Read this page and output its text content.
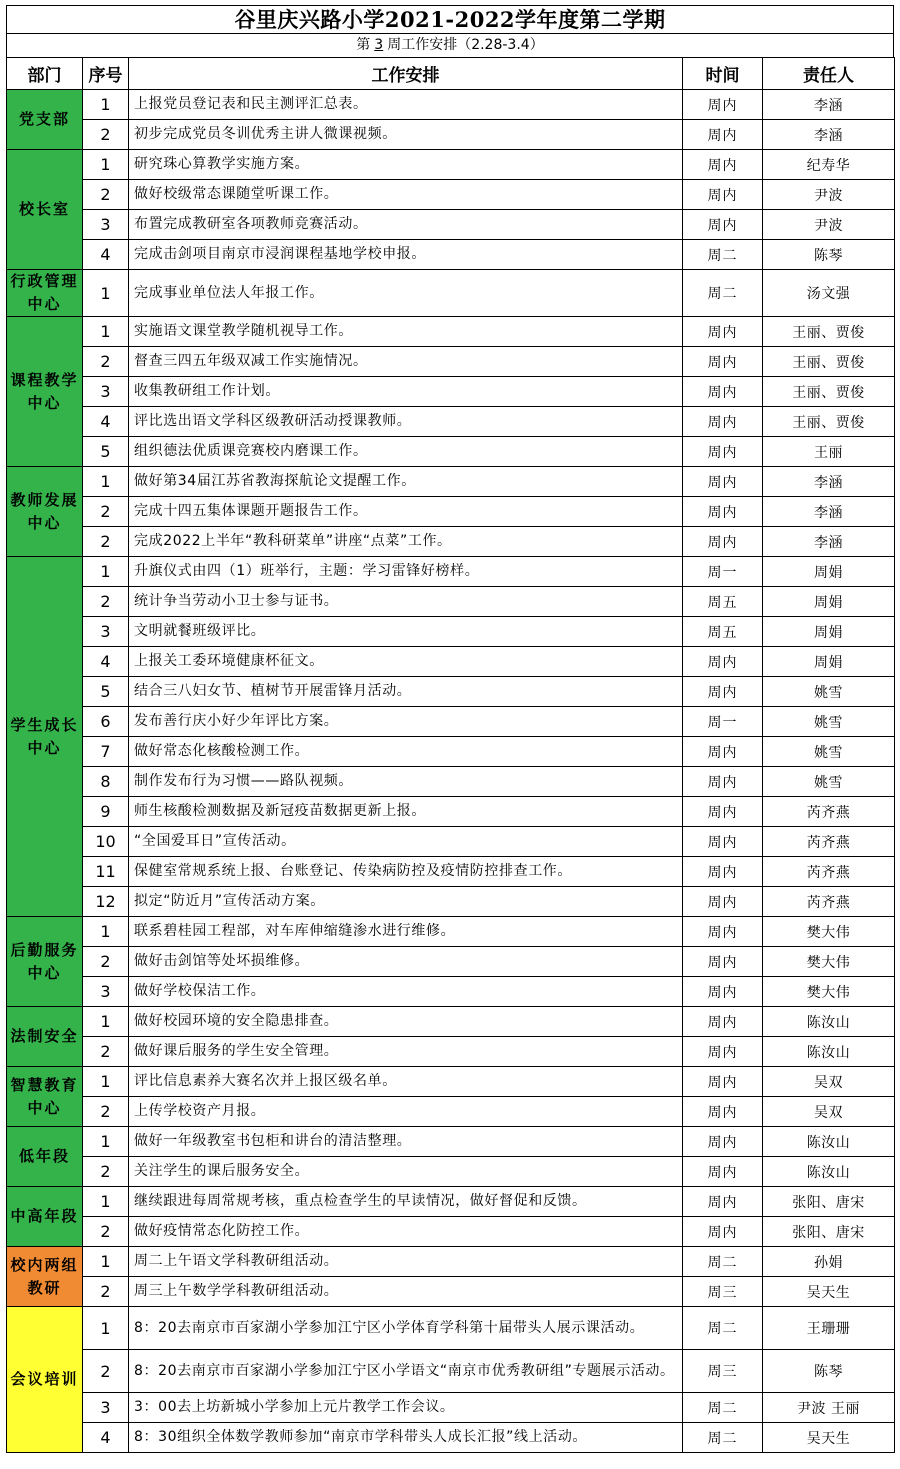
谷里庆兴路小学2021-2022学年度第二学期
第 3 周工作安排（2.28-3.4）
部门	序号	工作安排	时间	责任人
党支部	1	上报党员登记表和民主测评汇总表。	周内	李涵
	2	初步完成党员冬训优秀主讲人微课视频。	周内	李涵
校长室	1	研究珠心算教学实施方案。	周内	纪寿华
	2	做好校级常态课随堂听课工作。	周内	尹波
	3	布置完成教研室各项教师竞赛活动。	周内	尹波
	4	完成击剑项目南京市浸润课程基地学校申报。	周二	陈琴
行政管理中心	1	完成事业单位法人年报工作。	周二	汤文强
课程教学中心	1	实施语文课堂教学随机视导工作。	周内	王丽、贾俊
	2	督查三四五年级双减工作实施情况。	周内	王丽、贾俊
	3	收集教研组工作计划。	周内	王丽、贾俊
	4	评比选出语文学科区级教研活动授课教师。	周内	王丽、贾俊
	5	组织德法优质课竞赛校内磨课工作。	周内	王丽
教师发展中心	1	做好第34届江苏省教海探航论文提醒工作。	周内	李涵
	2	完成十四五集体课题开题报告工作。	周内	李涵
	2	完成2022上半年“教科研菜单”讲座“点菜”工作。	周内	李涵
学生成长中心	1	升旗仪式由四（1）班举行，主题：学习雷锋好榜样。	周一	周娟
	2	统计争当劳动小卫士参与证书。	周五	周娟
	3	文明就餐班级评比。	周五	周娟
	4	上报关工委环境健康杯征文。	周内	周娟
	5	结合三八妇女节、植树节开展雷锋月活动。	周内	姚雪
	6	发布善行庆小好少年评比方案。	周一	姚雪
	7	做好常态化核酸检测工作。	周内	姚雪
	8	制作发布行为习惯——路队视频。	周内	姚雪
	9	师生核酸检测数据及新冠疫苗数据更新上报。	周内	芮齐燕
	10	“全国爱耳日”宣传活动。	周内	芮齐燕
	11	保健室常规系统上报、台账登记、传染病防控及疫情防控排查工作。	周内	芮齐燕
	12	拟定“防近月”宣传活动方案。	周内	芮齐燕
后勤服务中心	1	联系碧桂园工程部，对车库伸缩缝渗水进行维修。	周内	樊大伟
	2	做好击剑馆等处坏损维修。	周内	樊大伟
	3	做好学校保洁工作。	周内	樊大伟
法制安全	1	做好校园环境的安全隐患排查。	周内	陈汝山
	2	做好课后服务的学生安全管理。	周内	陈汝山
智慧教育中心	1	评比信息素养大赛名次并上报区级名单。	周内	吴双
	2	上传学校资产月报。	周内	吴双
低年段	1	做好一年级教室书包柜和讲台的清洁整理。	周内	陈汝山
	2	关注学生的课后服务安全。	周内	陈汝山
中高年段	1	继续跟进每周常规考核，重点检查学生的早读情况，做好督促和反馈。	周内	张阳、唐宋
	2	做好疫情常态化防控工作。	周内	张阳、唐宋
校内两组教研	1	周二上午语文学科教研组活动。	周二	孙娟
	2	周三上午数学学科教研组活动。	周三	吴天生
会议培训	1	8：20去南京市百家湖小学参加江宁区小学体育学科第十届带头人展示课活动。	周二	王珊珊
	2	8：20去南京市百家湖小学参加江宁区小学语文“南京市优秀教研组”专题展示活动。	周三	陈琴
	3	3：00去上坊新城小学参加上元片教学工作会议。	周二	尹波 王丽
	4	8：30组织全体数学教师参加“南京市学科带头人成长汇报”线上活动。	周二	吴天生
